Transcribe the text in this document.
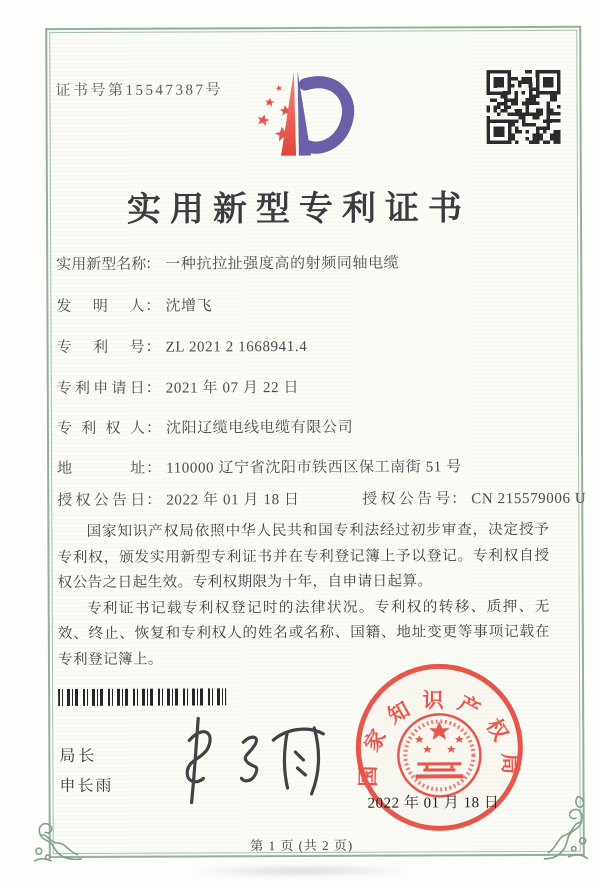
证书号第15547387号
实用新型专利证书
实用新型名称： 一种抗拉扯强度高的射频同轴电缆
发明人： 沈增飞
专利号： ZL 2021 2 1668941.4
专利申请日： 2021 年 07 月 22 日
专利权人： 沈阳辽缆电线电缆有限公司
地址： 110000 辽宁省沈阳市铁西区保工南街 51 号
授权公告日： 2022 年 01 月 18 日	授权公告号： CN 215579006 U

国家知识产权局依照中华人民共和国专利法经过初步审查，决定授予专利权，颁发实用新型专利证书并在专利登记簿上予以登记。专利权自授权公告之日起生效。专利权期限为十年，自申请日起算。

专利证书记载专利权登记时的法律状况。专利权的转移、质押、无效、终止、恢复和专利权人的姓名或名称、国籍、地址变更等事项记载在专利登记簿上。

局长
申长雨	国家知识产权局
2022 年 01 月 18 日
第 1 页 (共 2 页)
